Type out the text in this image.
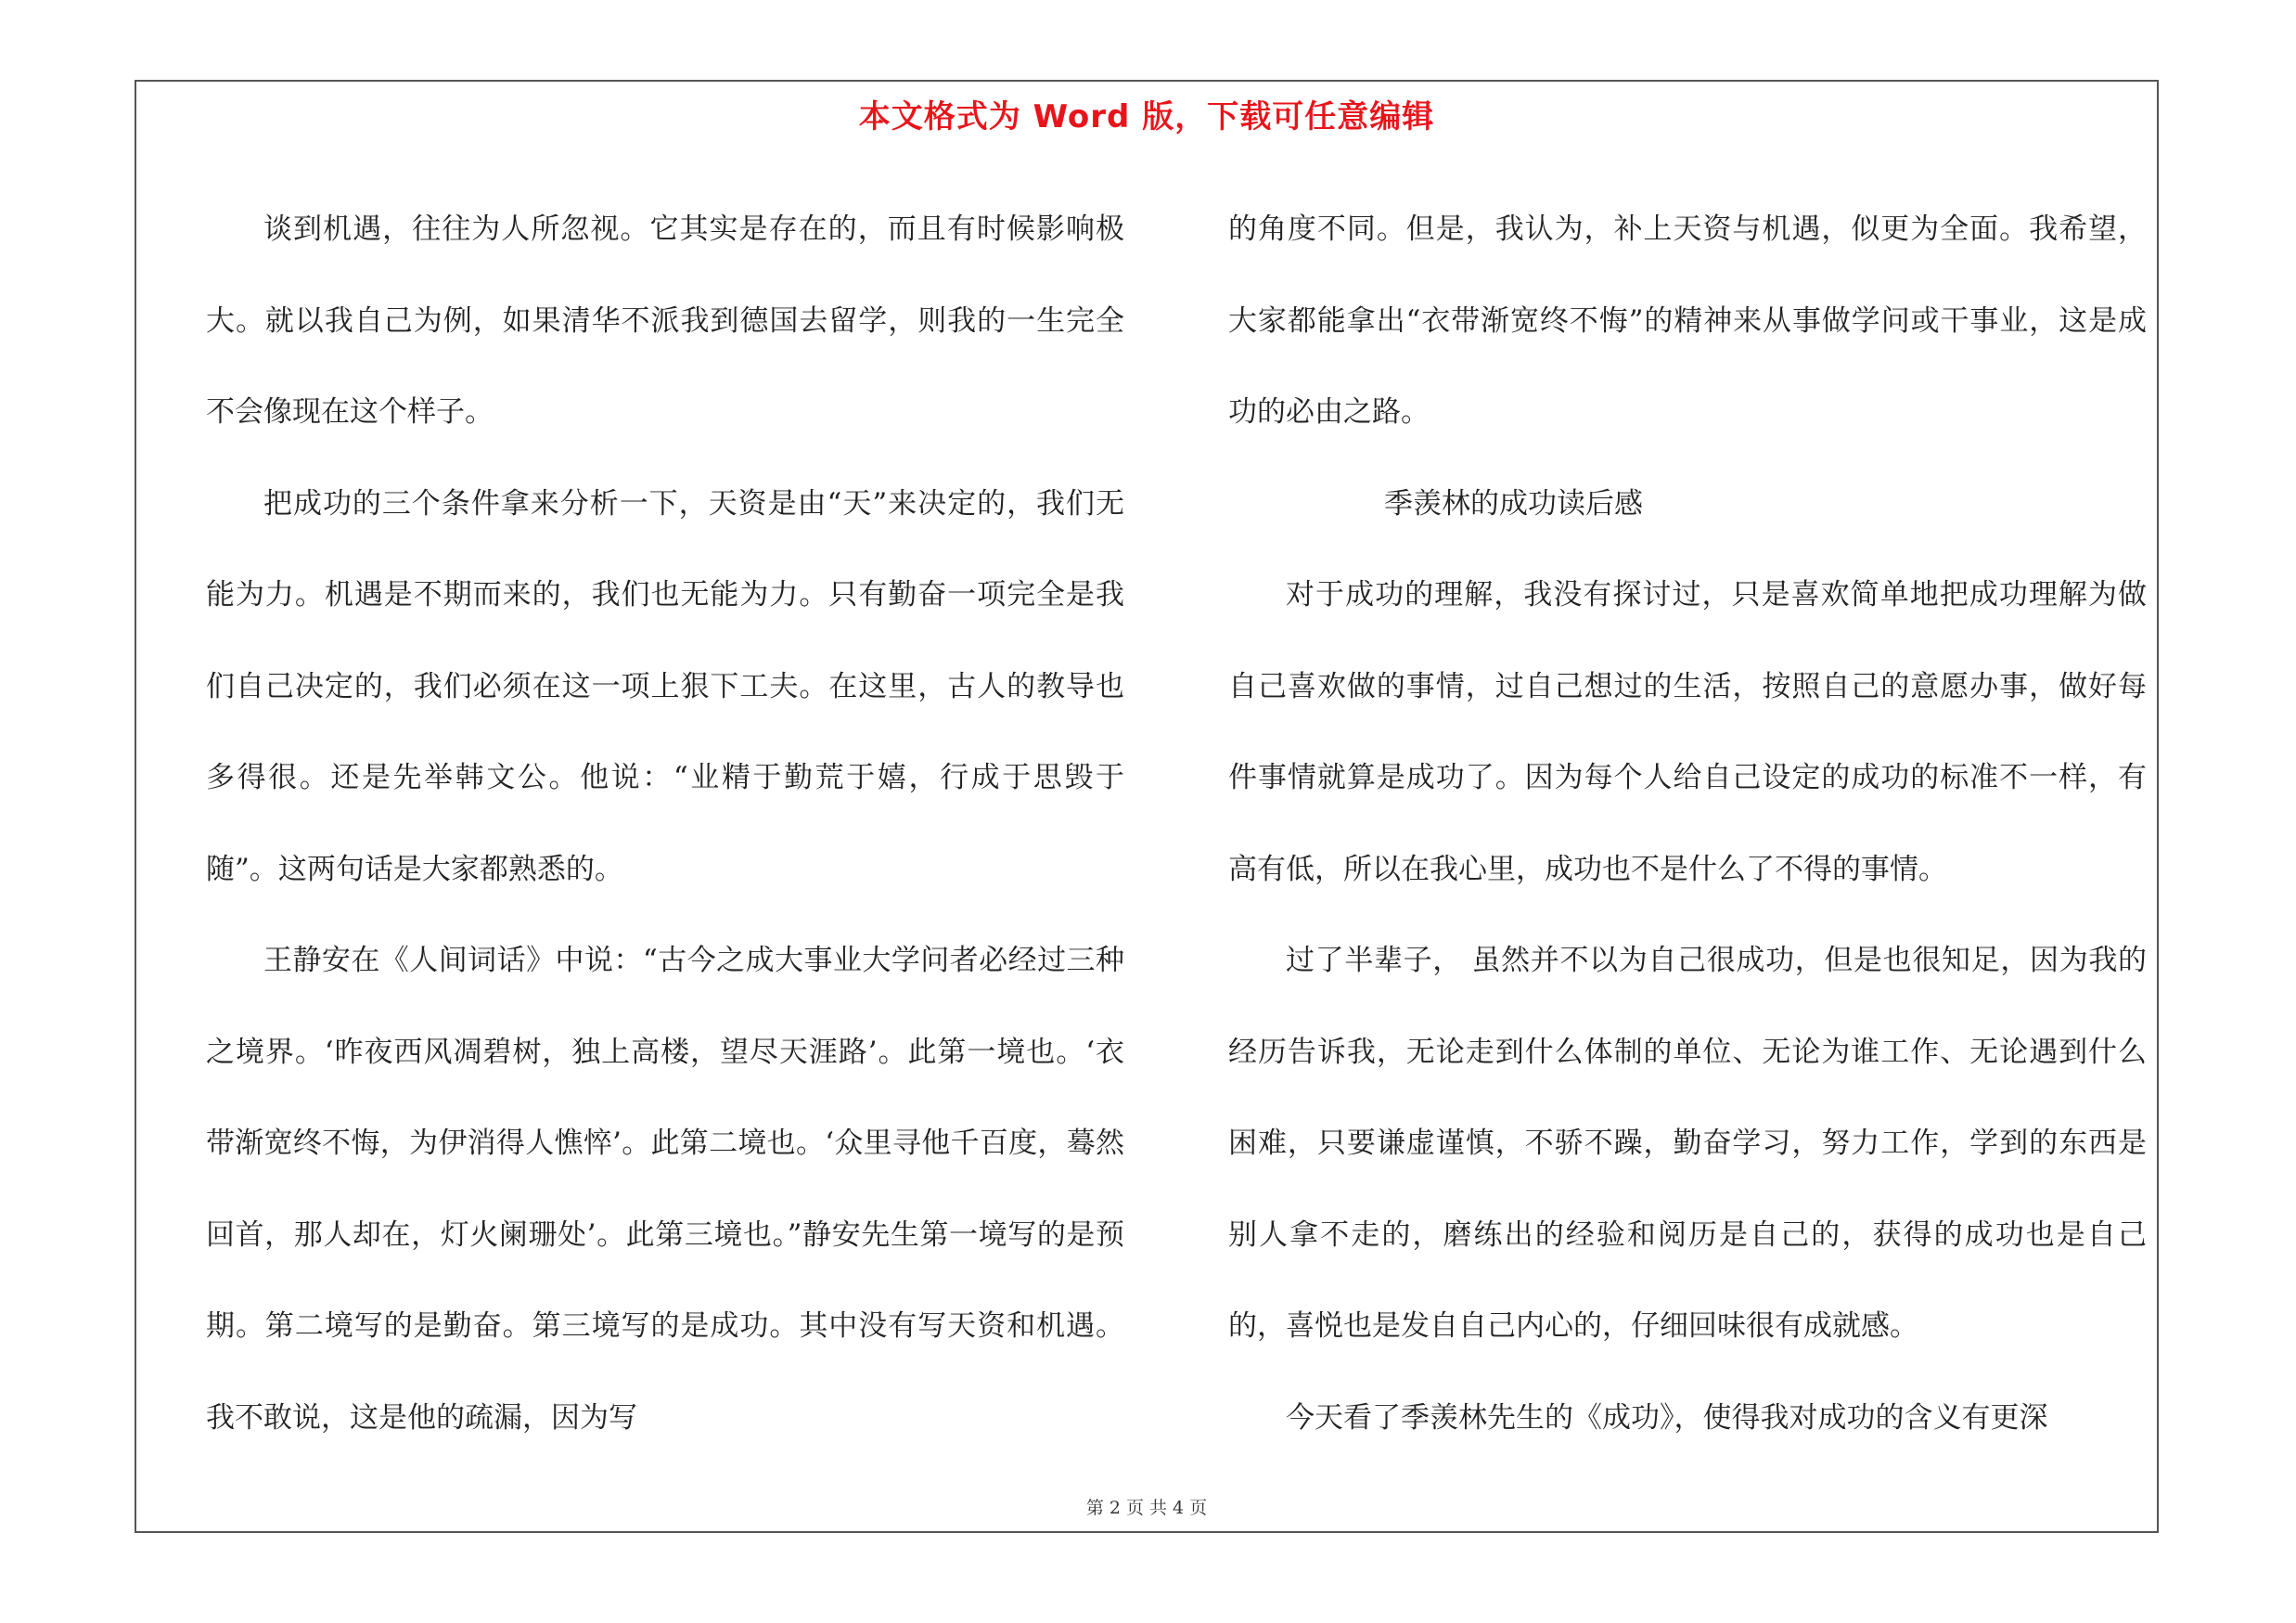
本文格式为 Word 版，下载可任意编辑

谈到机遇，往往为人所忽视。它其实是存在的，而且有时候影响极大。就以我自己为例，如果清华不派我到德国去留学，则我的一生完全不会像现在这个样子。

把成功的三个条件拿来分析一下，天资是由“天”来决定的，我们无能为力。机遇是不期而来的，我们也无能为力。只有勤奋一项完全是我们自己决定的，我们必须在这一项上狠下工夫。在这里，古人的教导也多得很。还是先举韩文公。他说：“业精于勤荒于嬉，行成于思毁于随”。这两句话是大家都熟悉的。

王静安在《人间词话》中说：“古今之成大事业大学问者必经过三种之境界。‘昨夜西风凋碧树，独上高楼，望尽天涯路’。此第一境也。‘衣带渐宽终不悔，为伊消得人憔悴’。此第二境也。‘众里寻他千百度，蓦然回首，那人却在，灯火阑珊处’。此第三境也。”静安先生第一境写的是预期。第二境写的是勤奋。第三境写的是成功。其中没有写天资和机遇。我不敢说，这是他的疏漏，因为写

的角度不同。但是，我认为，补上天资与机遇，似更为全面。我希望，大家都能拿出“衣带渐宽终不悔”的精神来从事做学问或干事业，这是成功的必由之路。

季羡林的成功读后感

对于成功的理解，我没有探讨过，只是喜欢简单地把成功理解为做自己喜欢做的事情，过自己想过的生活，按照自己的意愿办事，做好每件事情就算是成功了。因为每个人给自己设定的成功的标准不一样，有高有低，所以在我心里，成功也不是什么了不得的事情。

过了半辈子， 虽然并不以为自己很成功，但是也很知足，因为我的经历告诉我，无论走到什么体制的单位、无论为谁工作、无论遇到什么困难，只要谦虚谨慎，不骄不躁，勤奋学习，努力工作，学到的东西是别人拿不走的，磨练出的经验和阅历是自己的，获得的成功也是自己的，喜悦也是发自自己内心的，仔细回味很有成就感。

今天看了季羡林先生的《成功》，使得我对成功的含义有更深

第 2 页 共 4 页
